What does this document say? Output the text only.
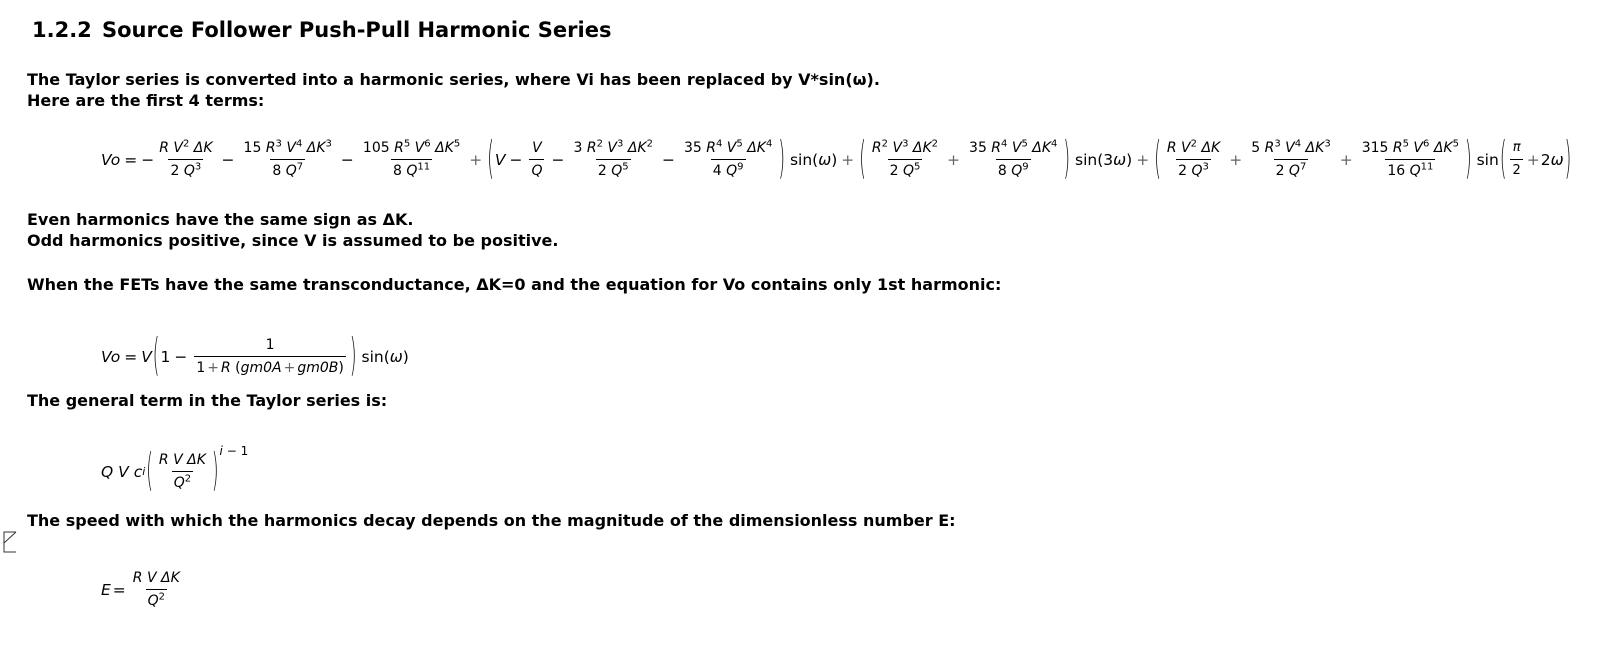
1.2.2 Source Follower Push-Pull Harmonic Series
The Taylor series is converted into a harmonic series, where Vi has been replaced by V*sin(ω).
Here are the first 4 terms:
Vo = − $\frac{R V^2 \Delta K}{2 Q^3} - \frac{15 R^3 V^4 \Delta K^3}{8 Q^7} - \frac{105 R^5 V^6 \Delta K^5}{8 Q^{11}}$ + ( $V - \frac{V}{Q} - \frac{3 R^2 V^3 \Delta K^2}{2 Q^5} - \frac{35 R^4 V^5 \Delta K^4}{4 Q^9}$ ) sin( ω ) + ( $\frac{R^2 V^3 \Delta K^2}{2 Q^5} + \frac{35 R^4 V^5 \Delta K^4}{8 Q^9}$ ) sin(3 ω ) + ( $\frac{R V^2 \Delta K}{2 Q^3} + \frac{5 R^3 V^4 \Delta K^3}{2 Q^7} + \frac{315 R^5 V^6 \Delta K^5}{16 Q^{11}}$ ) sin ( $\frac{\pi}{2} + 2$ ω )
Even harmonics have the same sign as ΔK.
Odd harmonics positive, since V is assumed to be positive.
When the FETs have the same transconductance, ΔK=0 and the equation for Vo contains only 1st harmonic:
Vo = V ( $1 - \frac{1}{1 + R (gm0A + gm0B)}$ ) sin( ω )
The general term in the Taylor series is:
Q
V
c i ( $\frac{\text{R V ΔK}}{Q^2}$ ) i − 1
The speed with which the harmonics decay depends on the magnitude of the dimensionless number E:
$E = \frac{\text{R V ΔK}}{Q^2}$
